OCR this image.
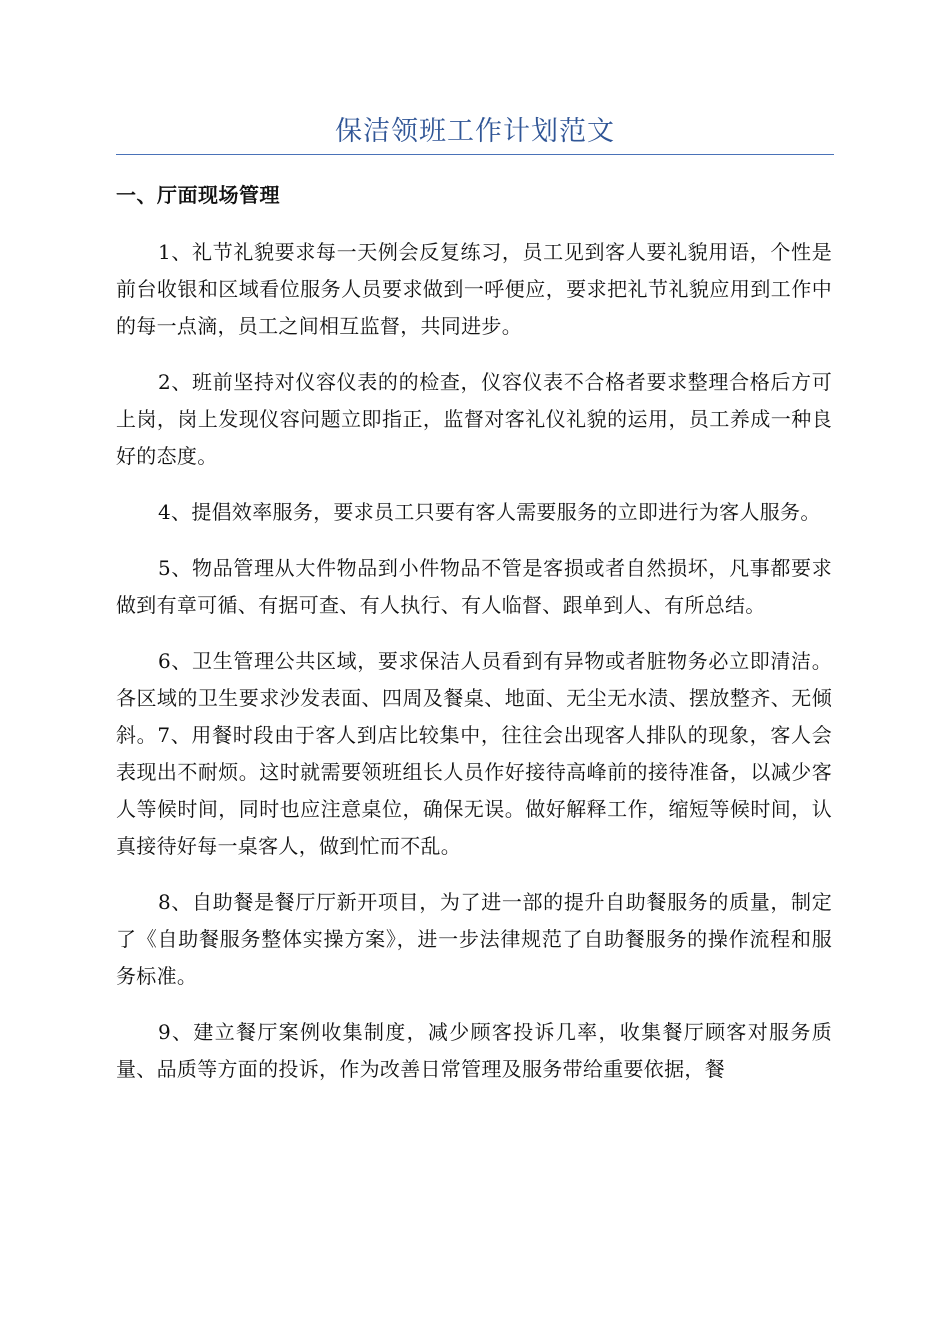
保洁领班工作计划范文
一、厅面现场管理

1、礼节礼貌要求每一天例会反复练习，员工见到客人要礼貌用语，个性是前台收银和区域看位服务人员要求做到一呼便应，要求把礼节礼貌应用到工作中的每一点滴，员工之间相互监督，共同进步。

2、班前坚持对仪容仪表的的检查，仪容仪表不合格者要求整理合格后方可上岗，岗上发现仪容问题立即指正，监督对客礼仪礼貌的运用，员工养成一种良好的态度。

4、提倡效率服务，要求员工只要有客人需要服务的立即进行为客人服务。

5、物品管理从大件物品到小件物品不管是客损或者自然损坏，凡事都要求做到有章可循、有据可查、有人执行、有人临督、跟单到人、有所总结。

6、卫生管理公共区域，要求保洁人员看到有异物或者脏物务必立即清洁。各区域的卫生要求沙发表面、四周及餐桌、地面、无尘无水渍、摆放整齐、无倾斜。7、用餐时段由于客人到店比较集中，往往会出现客人排队的现象，客人会表现出不耐烦。这时就需要领班组长人员作好接待高峰前的接待准备，以减少客人等候时间，同时也应注意桌位，确保无误。做好解释工作，缩短等候时间，认真接待好每一桌客人，做到忙而不乱。

8、自助餐是餐厅厅新开项目，为了进一部的提升自助餐服务的质量，制定了《自助餐服务整体实操方案》，进一步法律规范了自助餐服务的操作流程和服务标准。

9、建立餐厅案例收集制度，减少顾客投诉几率，收集餐厅顾客对服务质量、品质等方面的投诉，作为改善日常管理及服务带给重要依据，餐
